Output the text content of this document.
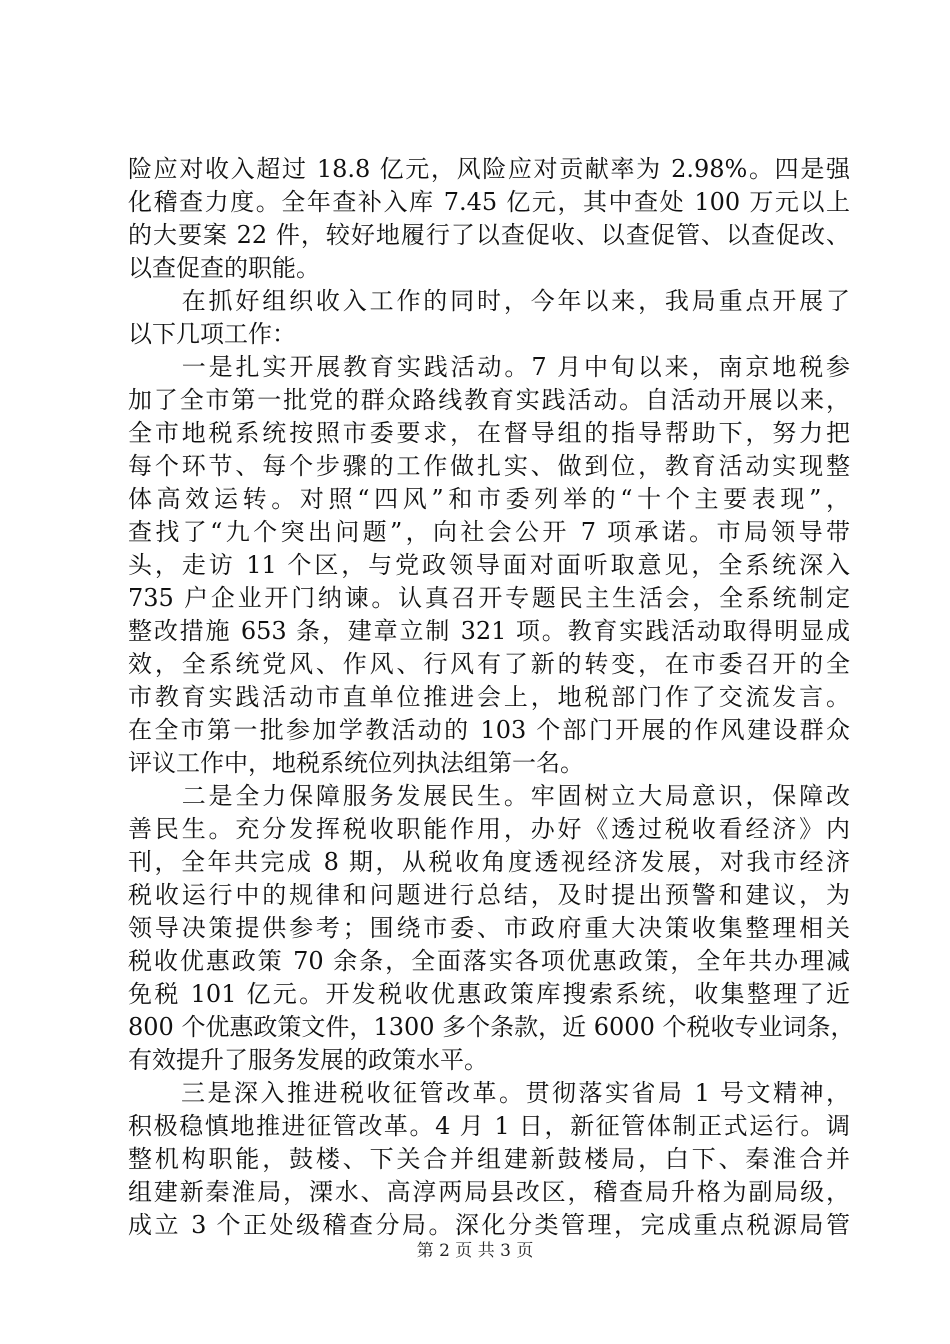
险应对收入超过 18.8 亿元，风险应对贡献率为 2.98%。四是强
化稽查力度。全年查补入库 7.45 亿元，其中查处 100 万元以上
的大要案 22 件，较好地履行了以查促收、以查促管、以查促改、
以查促查的职能。
　　在抓好组织收入工作的同时，今年以来，我局重点开展了
以下几项工作：
　　一是扎实开展教育实践活动。7 月中旬以来，南京地税参
加了全市第一批党的群众路线教育实践活动。自活动开展以来，
全市地税系统按照市委要求，在督导组的指导帮助下，努力把
每个环节、每个步骤的工作做扎实、做到位，教育活动实现整
体高效运转。对照“四风”和市委列举的“十个主要表现”，
查找了“九个突出问题”，向社会公开 7 项承诺。市局领导带
头，走访 11 个区，与党政领导面对面听取意见，全系统深入
735 户企业开门纳谏。认真召开专题民主生活会，全系统制定
整改措施 653 条，建章立制 321 项。教育实践活动取得明显成
效，全系统党风、作风、行风有了新的转变，在市委召开的全
市教育实践活动市直单位推进会上，地税部门作了交流发言。
在全市第一批参加学教活动的 103 个部门开展的作风建设群众
评议工作中，地税系统位列执法组第一名。
　　二是全力保障服务发展民生。牢固树立大局意识，保障改
善民生。充分发挥税收职能作用，办好《透过税收看经济》内
刊，全年共完成 8 期，从税收角度透视经济发展，对我市经济
税收运行中的规律和问题进行总结，及时提出预警和建议，为
领导决策提供参考；围绕市委、市政府重大决策收集整理相关
税收优惠政策 70 余条，全面落实各项优惠政策，全年共办理减
免税 101 亿元。开发税收优惠政策库搜索系统，收集整理了近
800 个优惠政策文件，1300 多个条款，近 6000 个税收专业词条，
有效提升了服务发展的政策水平。
　　三是深入推进税收征管改革。贯彻落实省局 1 号文精神，
积极稳慎地推进征管改革。4 月 1 日，新征管体制正式运行。调
整机构职能，鼓楼、下关合并组建新鼓楼局，白下、秦淮合并
组建新秦淮局，溧水、高淳两局县改区，稽查局升格为副局级，
成立 3 个正处级稽查分局。深化分类管理，完成重点税源局管
第 2 页 共 3 页
